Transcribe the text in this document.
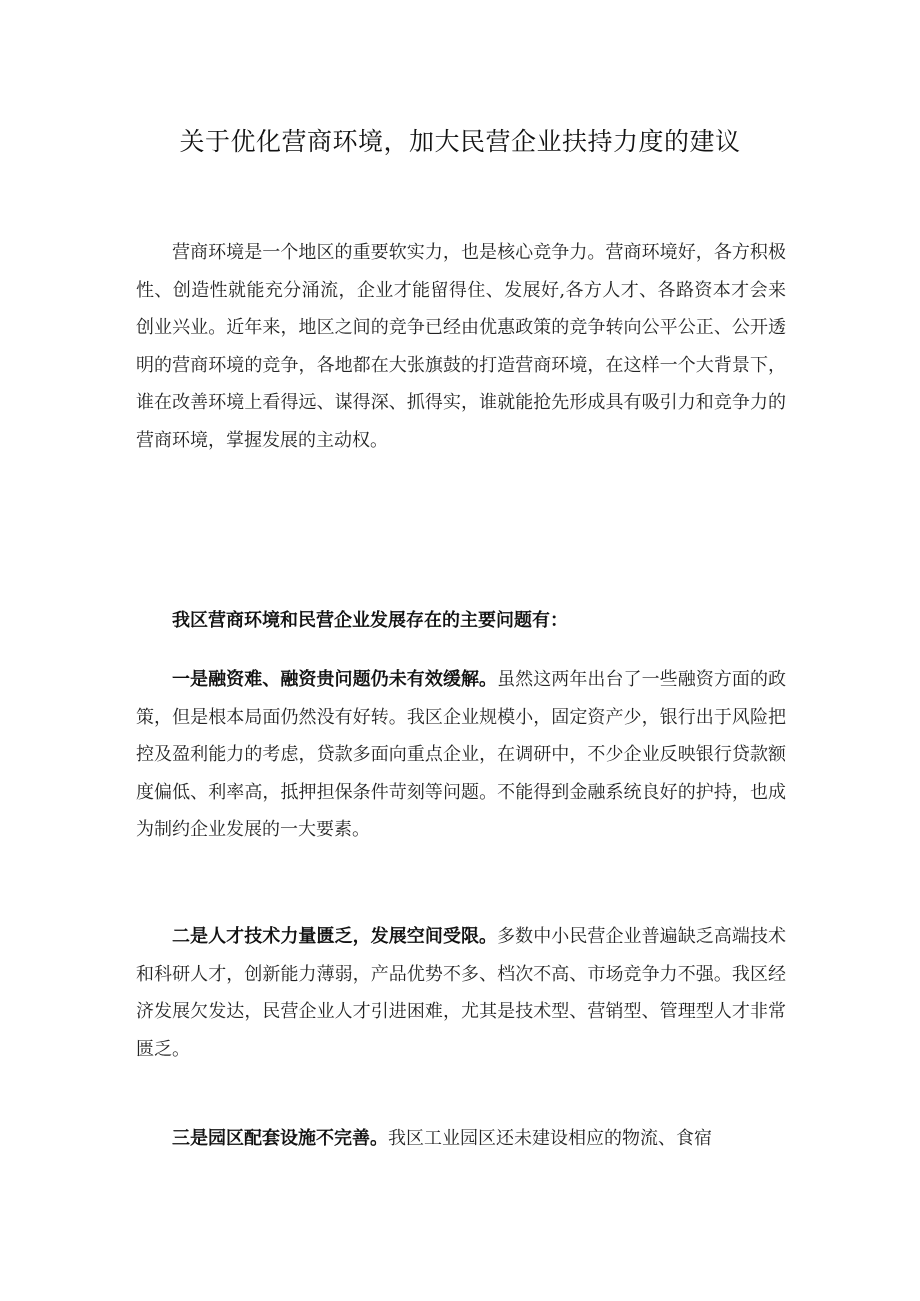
关于优化营商环境，加大民营企业扶持力度的建议

营商环境是一个地区的重要软实力，也是核心竞争力。营商环境好，各方积极性、创造性就能充分涌流，企业才能留得住、发展好,各方人才、各路资本才会来创业兴业。近年来，地区之间的竞争已经由优惠政策的竞争转向公平公正、公开透明的营商环境的竞争，各地都在大张旗鼓的打造营商环境，在这样一个大背景下，谁在改善环境上看得远、谋得深、抓得实，谁就能抢先形成具有吸引力和竞争力的营商环境，掌握发展的主动权。

我区营商环境和民营企业发展存在的主要问题有：

一是融资难、融资贵问题仍未有效缓解。虽然这两年出台了一些融资方面的政策，但是根本局面仍然没有好转。我区企业规模小，固定资产少，银行出于风险把控及盈利能力的考虑，贷款多面向重点企业，在调研中，不少企业反映银行贷款额度偏低、利率高，抵押担保条件苛刻等问题。不能得到金融系统良好的护持，也成为制约企业发展的一大要素。

二是人才技术力量匮乏，发展空间受限。多数中小民营企业普遍缺乏高端技术和科研人才，创新能力薄弱，产品优势不多、档次不高、市场竞争力不强。我区经济发展欠发达，民营企业人才引进困难，尤其是技术型、营销型、管理型人才非常匮乏。

三是园区配套设施不完善。我区工业园区还未建设相应的物流、食宿
